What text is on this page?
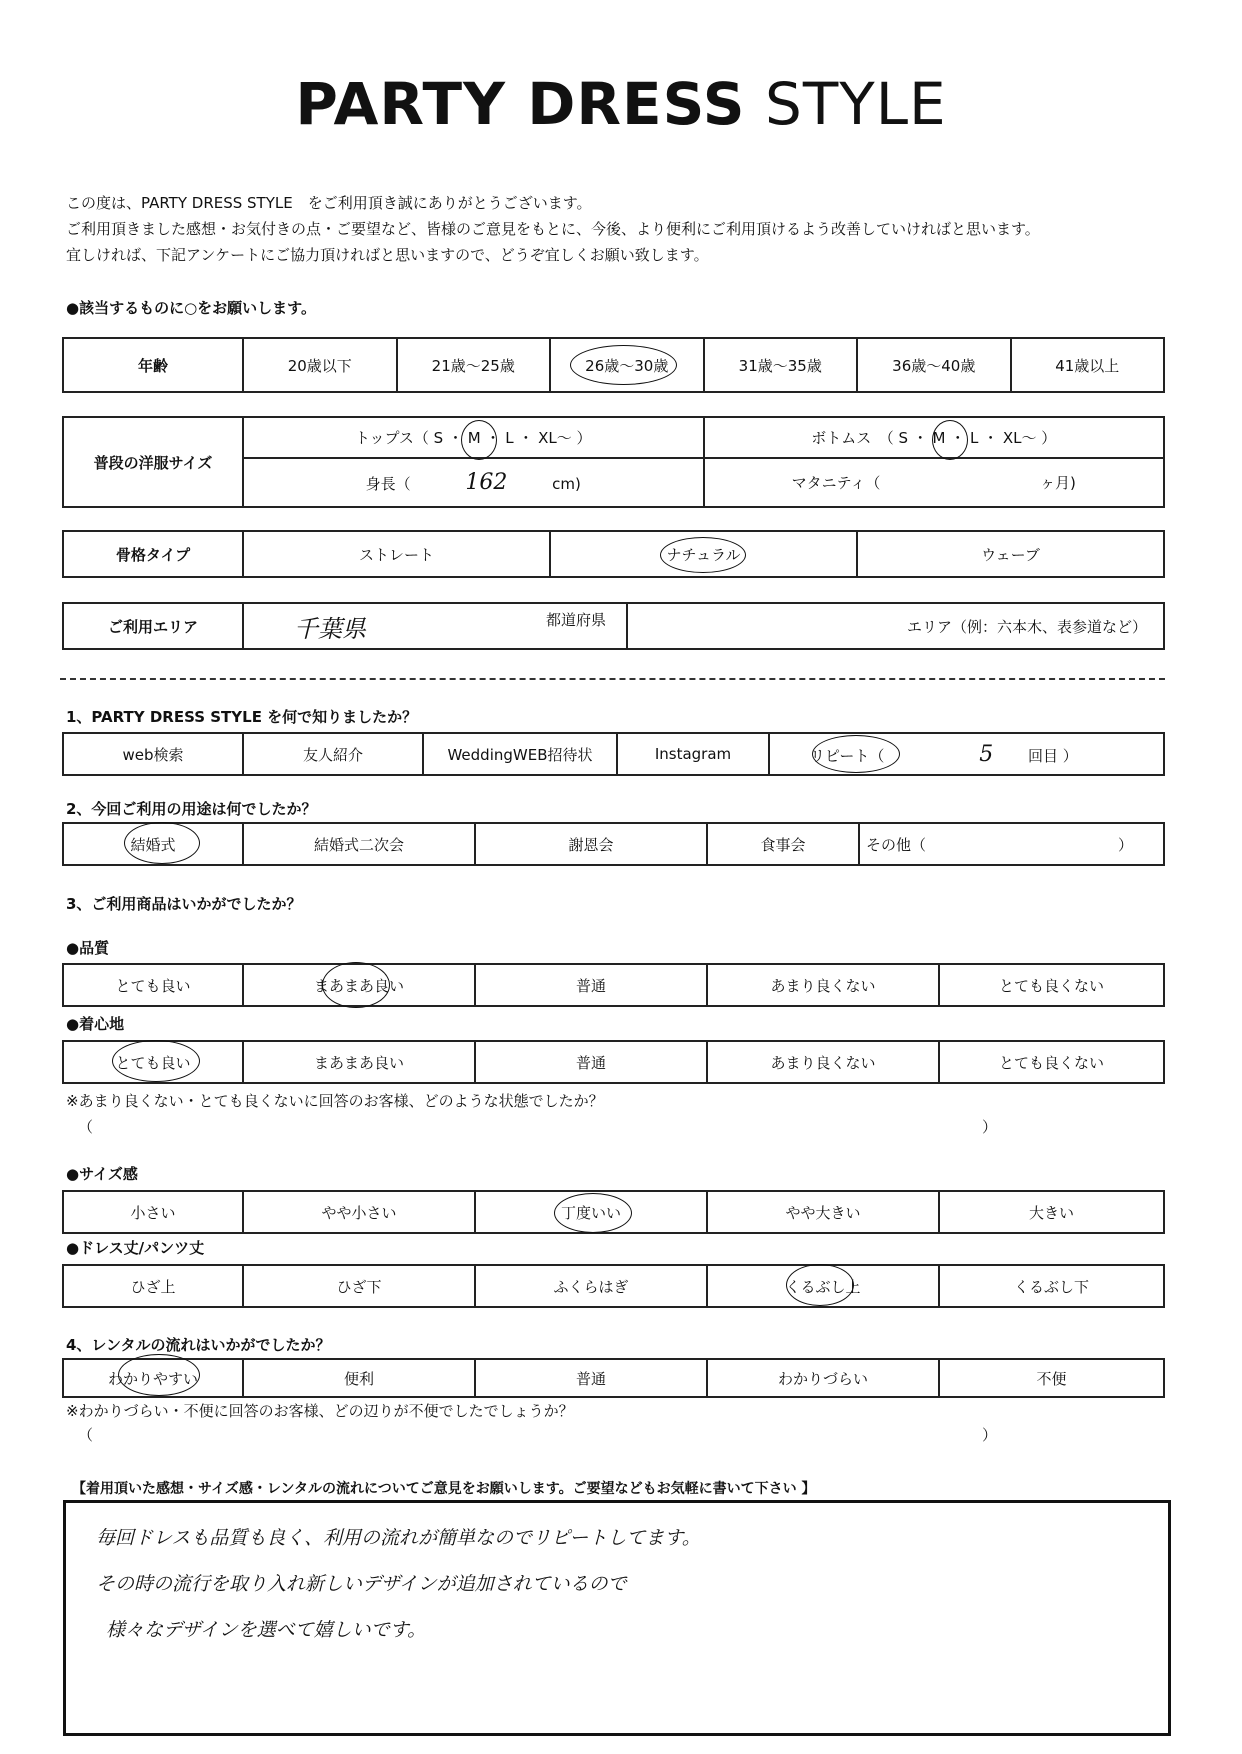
PARTY DRESS STYLE
この度は、PARTY DRESS STYLE　をご利用頂き誠にありがとうございます。
ご利用頂きました感想・お気付きの点・ご要望など、皆様のご意見をもとに、今後、より便利にご利用頂けるよう改善していければと思います。
宜しければ、下記アンケートにご協力頂ければと思いますので、どうぞ宜しくお願い致します。
●該当するものに○をお願いします。
年齢	20歳以下	21歳～25歳	26歳～30歳	31歳～35歳	36歳～40歳	41歳以上
普段の洋服サイズ	トップス（ S ・ M ・ L ・ XL～ ）	ボトムス　（ S ・ M ・ L ・ XL～ ）
	身長（ 162 cm)	マタニティ（ ヶ月)
骨格タイプ	ストレート	ナチュラル	ウェーブ
ご利用エリア	千葉県	都道府県	エリア（例：六本木、表参道など）
1、PARTY DRESS STYLE を何で知りましたか？
web検索	友人紹介	WeddingWEB招待状	Instagram	リピート（	5 回目 ）
2、今回ご利用の用途は何でしたか？
結婚式	結婚式二次会	謝恩会	食事会	その他（	）
3、ご利用商品はいかがでしたか？
●品質
とても良い	まあまあ良い	普通	あまり良くない	とても良くない
●着心地
とても良い	まあまあ良い	普通	あまり良くない	とても良くない
※あまり良くない・とても良くないに回答のお客様、どのような状態でしたか？
（	）
●サイズ感
小さい	やや小さい	丁度いい	やや大きい	大きい
●ドレス丈/パンツ丈
ひざ上	ひざ下	ふくらはぎ	くるぶし上	くるぶし下
4、レンタルの流れはいかがでしたか？
わかりやすい	便利	普通	わかりづらい	不便
※わかりづらい・不便に回答のお客様、どの辺りが不便でしたでしょうか？
（	）
【着用頂いた感想・サイズ感・レンタルの流れについてご意見をお願いします。ご要望などもお気軽に書いて下さい 】
毎回ドレスも品質も良く、利用の流れが簡単なのでリピートしてます。
その時の流行を取り入れ新しいデザインが追加されているので
様々なデザインを選べて嬉しいです。
